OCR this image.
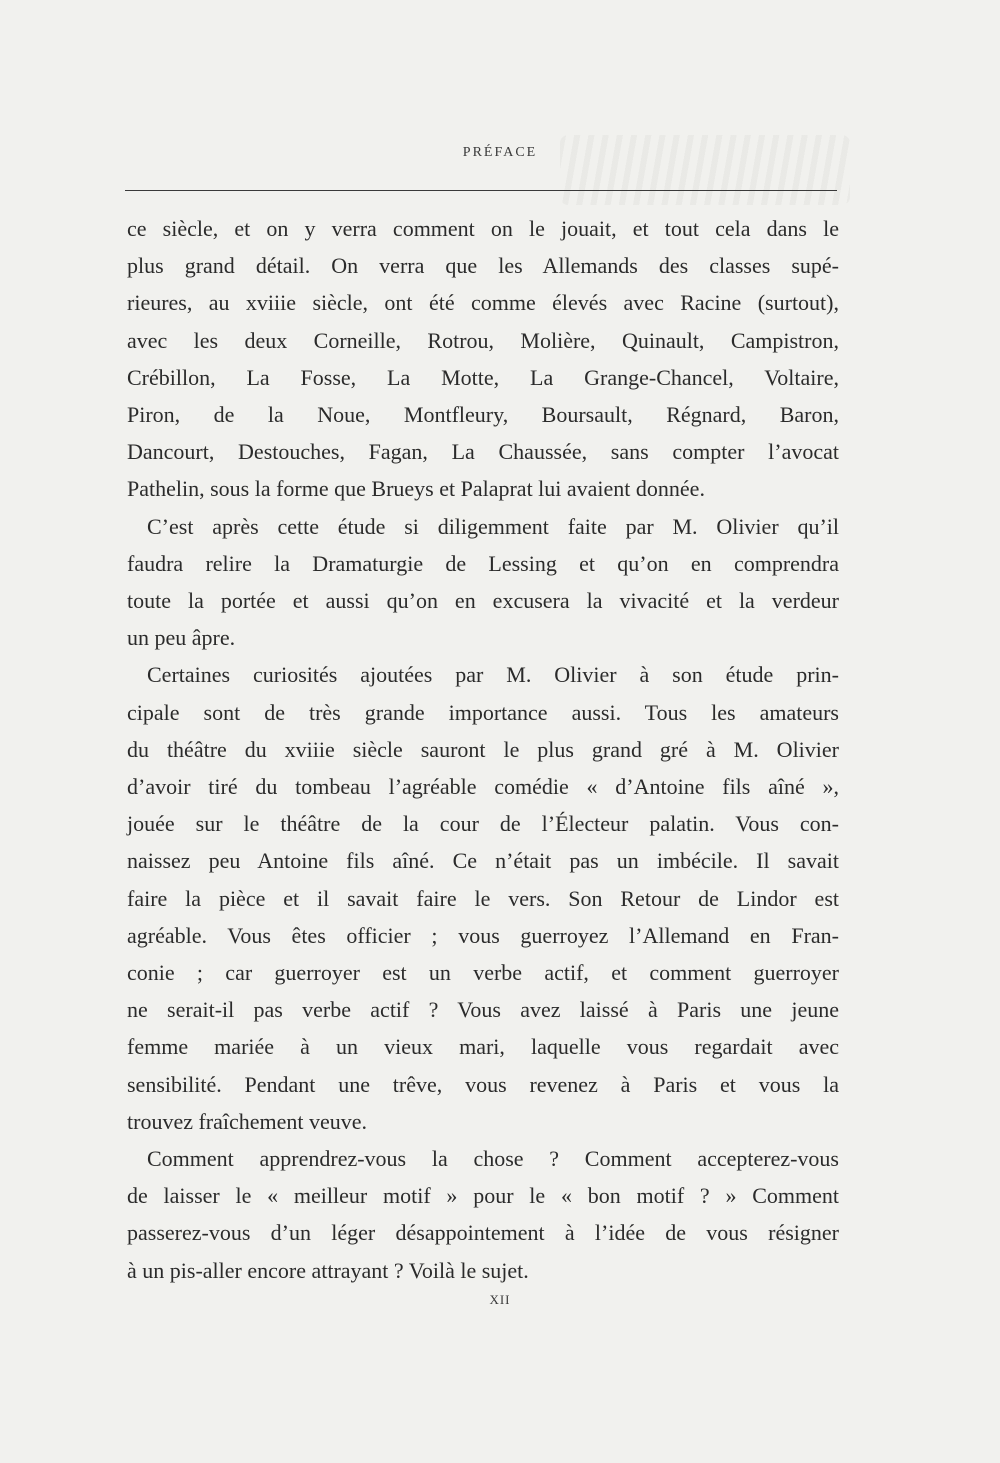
PRÉFACE

ce siècle, et on y verra comment on le jouait, et tout cela dans le
plus grand détail. On verra que les Allemands des classes supé-
rieures, au xviiie siècle, ont été comme élevés avec Racine (surtout),
avec les deux Corneille, Rotrou, Molière, Quinault, Campistron,
Crébillon, La Fosse, La Motte, La Grange-Chancel, Voltaire,
Piron, de la Noue, Montfleury, Boursault, Régnard, Baron,
Dancourt, Destouches, Fagan, La Chaussée, sans compter l’avocat
Pathelin, sous la forme que Brueys et Palaprat lui avaient donnée.

C’est après cette étude si diligemment faite par M. Olivier qu’il
faudra relire la Dramaturgie de Lessing et qu’on en comprendra
toute la portée et aussi qu’on en excusera la vivacité et la verdeur
un peu âpre.

Certaines curiosités ajoutées par M. Olivier à son étude prin-
cipale sont de très grande importance aussi. Tous les amateurs
du théâtre du xviiie siècle sauront le plus grand gré à M. Olivier
d’avoir tiré du tombeau l’agréable comédie « d’Antoine fils aîné »,
jouée sur le théâtre de la cour de l’Électeur palatin. Vous con-
naissez peu Antoine fils aîné. Ce n’était pas un imbécile. Il savait
faire la pièce et il savait faire le vers. Son Retour de Lindor est
agréable. Vous êtes officier ; vous guerroyez l’Allemand en Fran-
conie ; car guerroyer est un verbe actif, et comment guerroyer
ne serait-il pas verbe actif ? Vous avez laissé à Paris une jeune
femme mariée à un vieux mari, laquelle vous regardait avec
sensibilité. Pendant une trêve, vous revenez à Paris et vous la
trouvez fraîchement veuve.

Comment apprendrez-vous la chose ? Comment accepterez-vous
de laisser le « meilleur motif » pour le « bon motif ? » Comment
passerez-vous d’un léger désappointement à l’idée de vous résigner
à un pis-aller encore attrayant ? Voilà le sujet.

XII
